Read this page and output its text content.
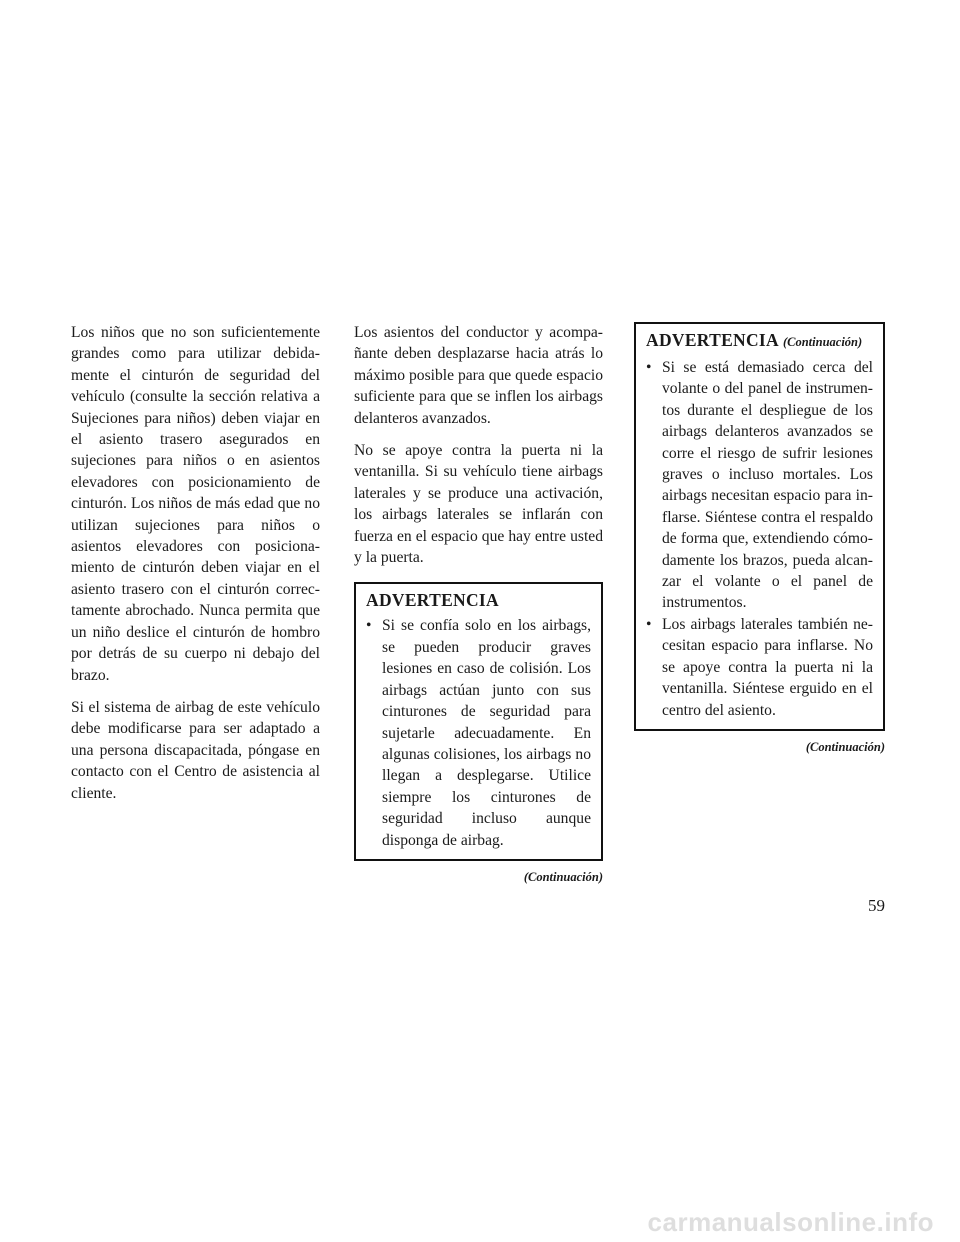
Los niños que no son suficientemente grandes como para utilizar debidamente el cinturón de seguridad del vehículo (consulte la sección relativa a Sujeciones para niños) deben viajar en el asiento trasero asegurados en sujeciones para niños o en asientos elevadores con posicionamiento de cinturón. Los niños de más edad que no utilizan sujeciones para niños o asientos elevadores con posicionamiento de cinturón deben viajar en el asiento trasero con el cinturón correctamente abrochado. Nunca permita que un niño deslice el cinturón de hombro por detrás de su cuerpo ni debajo del brazo.

Si el sistema de airbag de este vehículo debe modificarse para ser adaptado a una persona discapacitada, póngase en contacto con el Centro de asistencia al cliente.

Los asientos del conductor y acompañante deben desplazarse hacia atrás lo máximo posible para que quede espacio suficiente para que se inflen los airbags delanteros avanzados.

No se apoye contra la puerta ni la ventanilla. Si su vehículo tiene airbags laterales y se produce una activación, los airbags laterales se inflarán con fuerza en el espacio que hay entre usted y la puerta.

ADVERTENCIA
• Si se confía solo en los airbags, se pueden producir graves lesiones en caso de colisión. Los airbags actúan junto con sus cinturones de seguridad para sujetarle adecuadamente. En algunas colisiones, los airbags no llegan a desplegarse. Utilice siempre los cinturones de seguridad incluso aunque disponga de airbag.
(Continuación)
ADVERTENCIA (Continuación)
• Si se está demasiado cerca del volante o del panel de instrumentos durante el despliegue de los airbags delanteros avanzados se corre el riesgo de sufrir lesiones graves o incluso mortales. Los airbags necesitan espacio para inflarse. Siéntese contra el respaldo de forma que, extendiendo cómodamente los brazos, pueda alcanzar el volante o el panel de instrumentos.
• Los airbags laterales también necesitan espacio para inflarse. No se apoye contra la puerta ni la ventanilla. Siéntese erguido en el centro del asiento.
(Continuación)
59
carmanualsonline.info
